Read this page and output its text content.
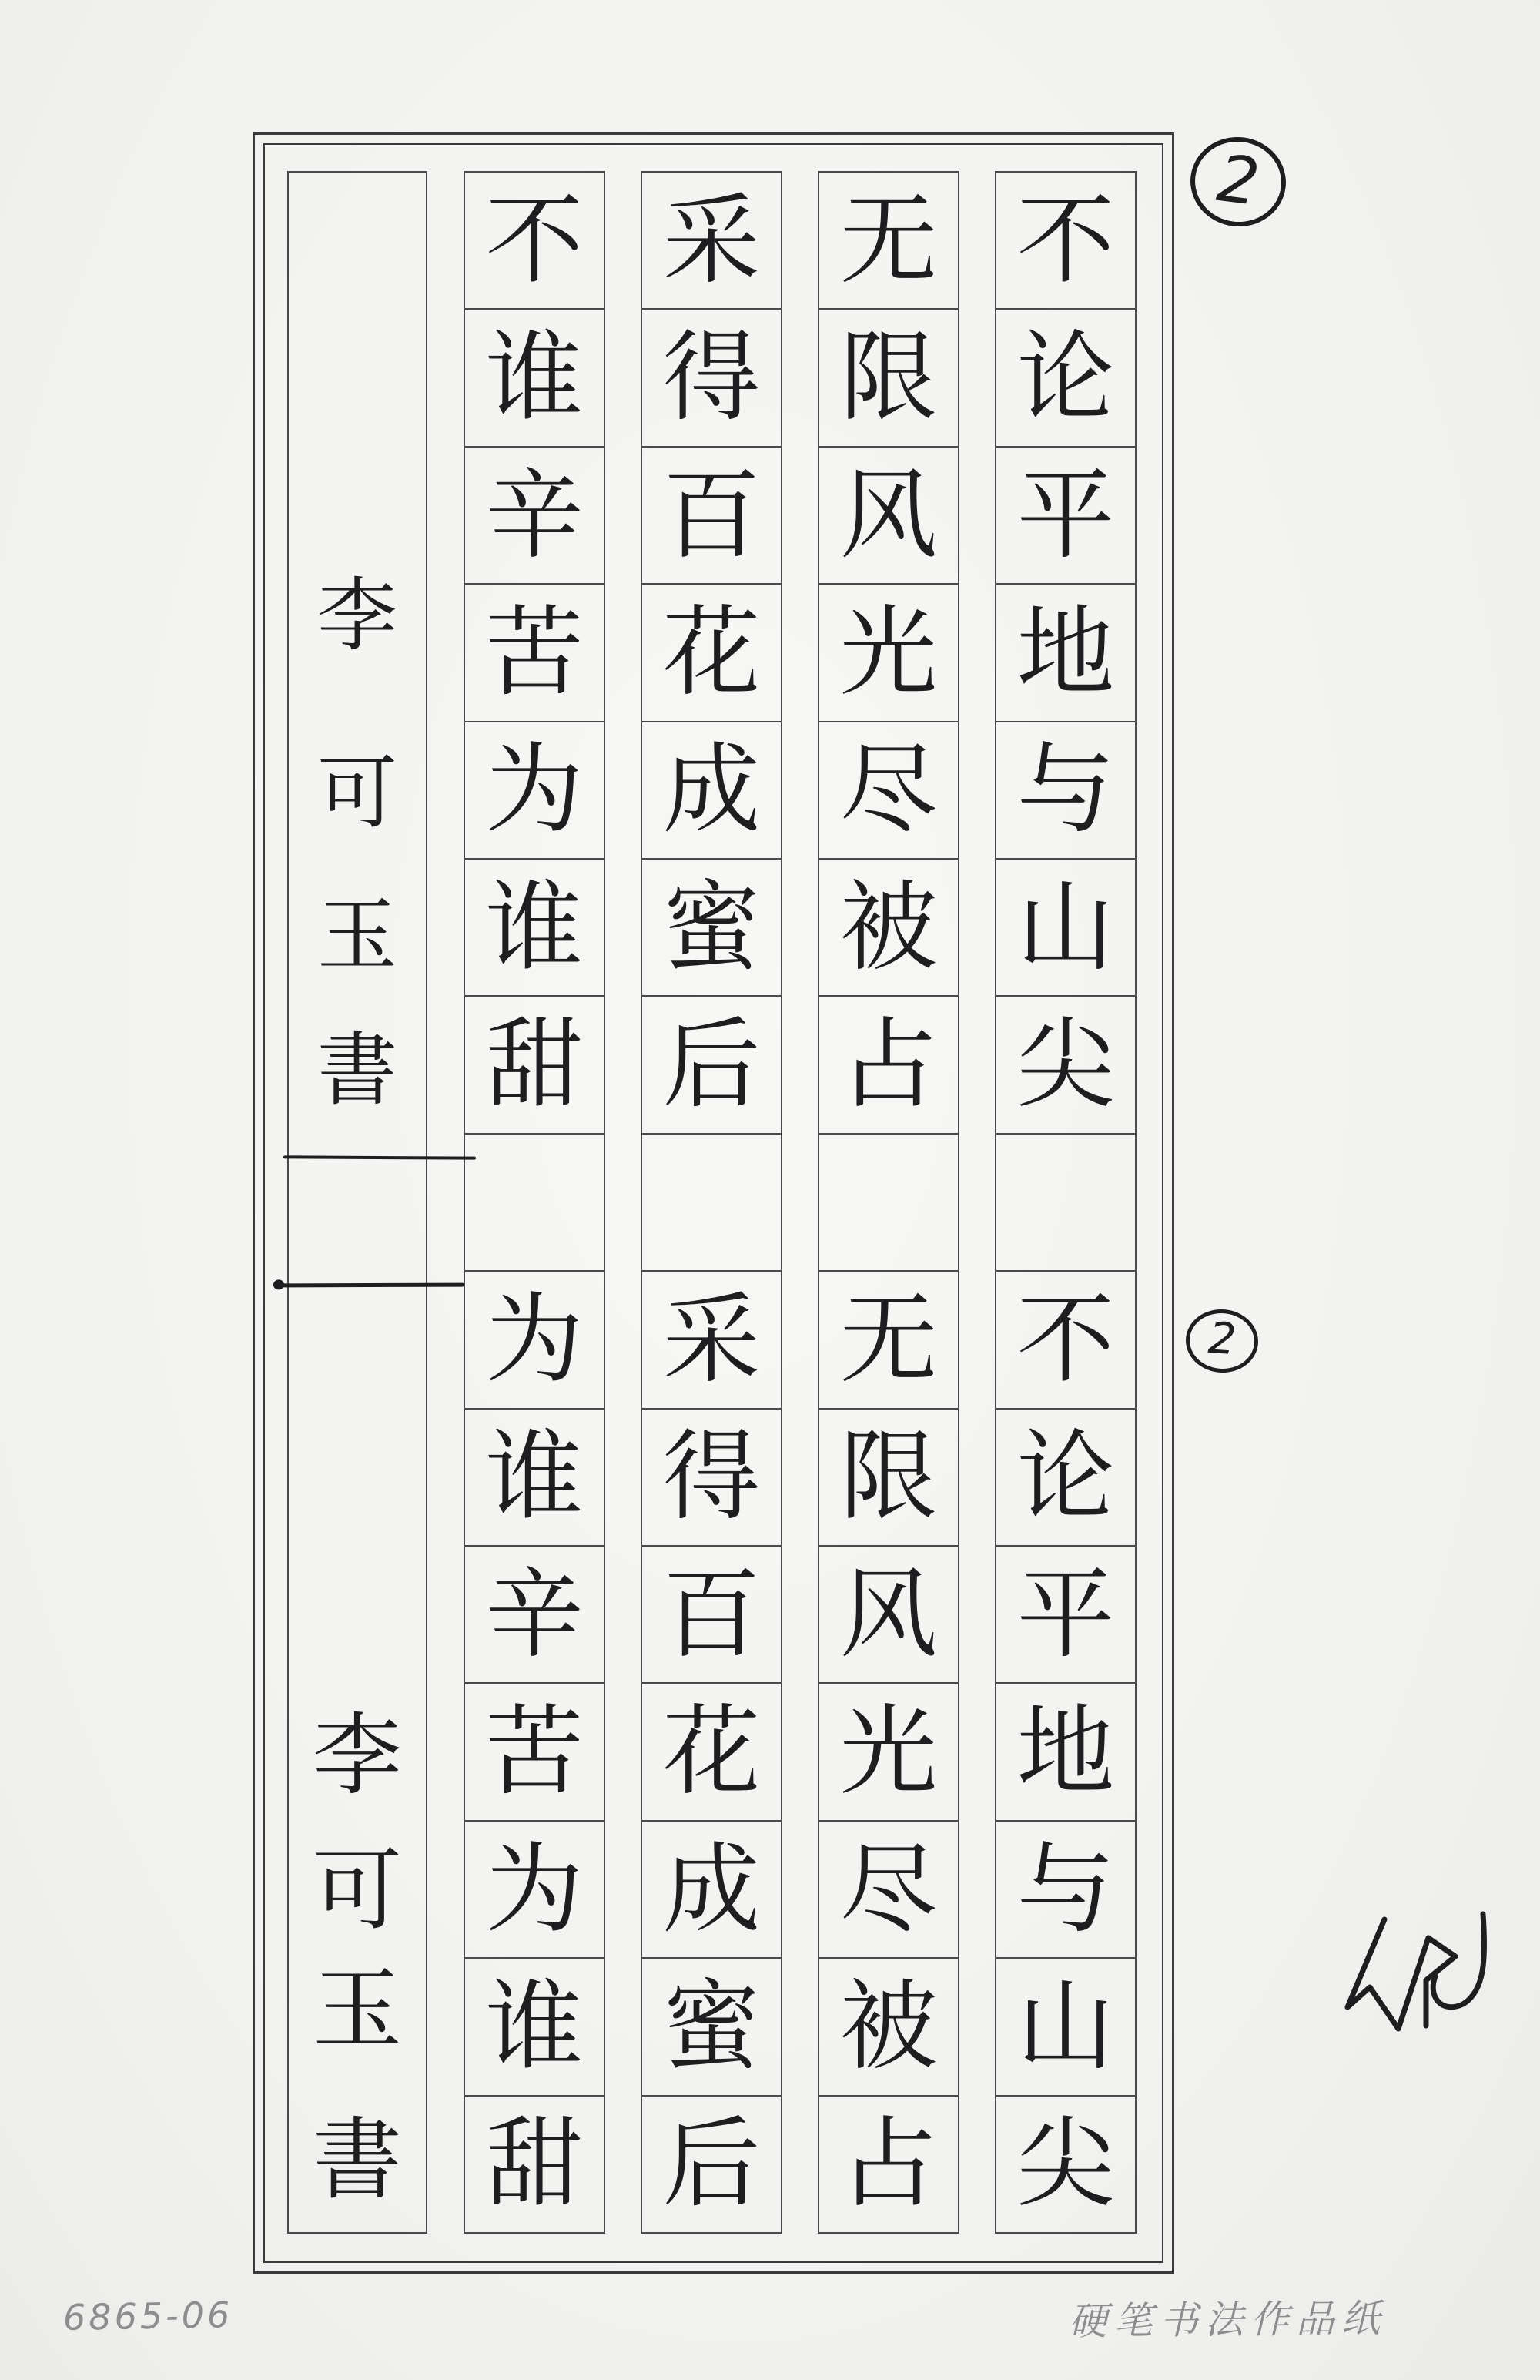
不
论
平
地
与
山
尖
不
论
平
地
与
山
尖
无
限
风
光
尽
被
占
无
限
风
光
尽
被
占
采
得
百
花
成
蜜
后
采
得
百
花
成
蜜
后
不
谁
辛
苦
为
谁
甜
为
谁
辛
苦
为
谁
甜
李
可
玉
書
李
可
玉
書
2
2
6865-06	硬笔书法作品纸
